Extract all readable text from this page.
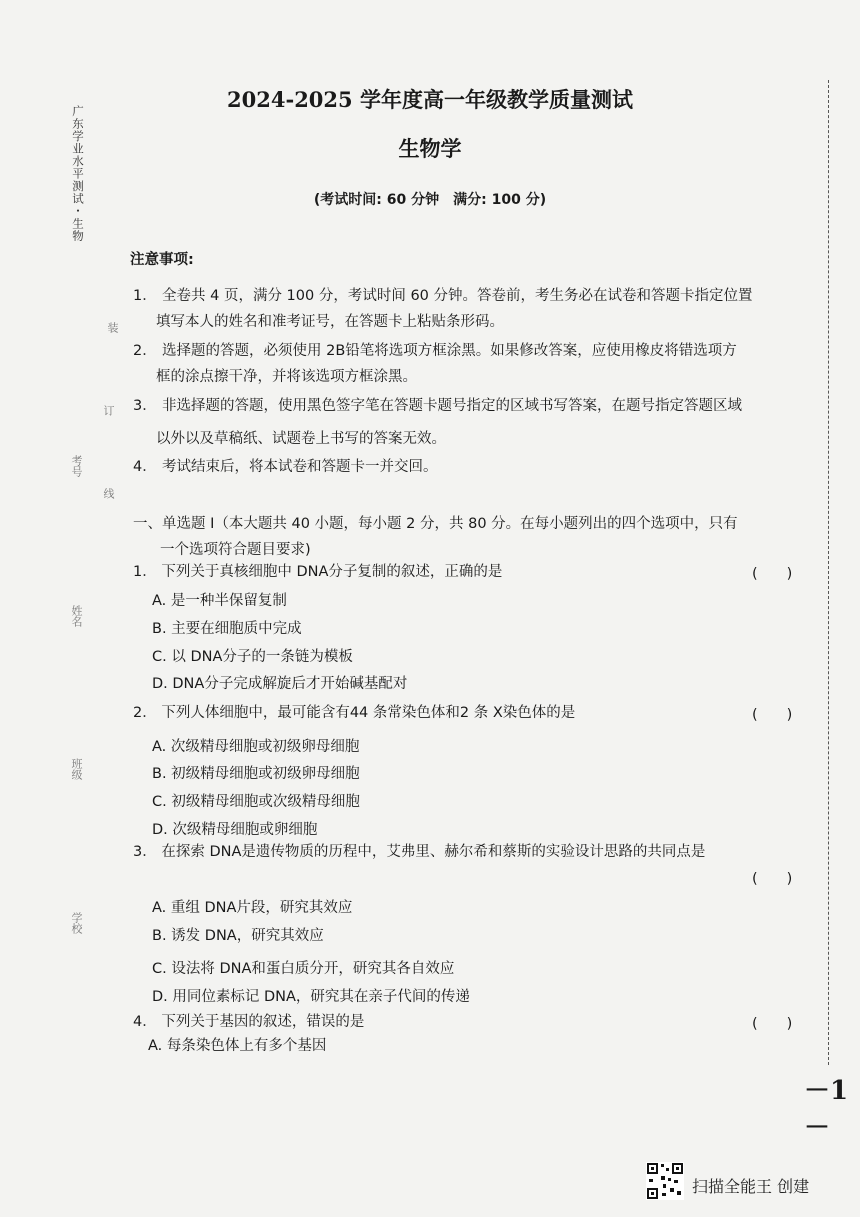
2024-2025 学年度高一年级教学质量测试
生物学
(考试时间: 60 分钟　满分: 100 分)
广东学业水平测试・生物
装
订
线
考号
姓名
班级
学校
注意事项:
1． 全卷共 4 页，满分 100 分，考试时间 60 分钟。答卷前，考生务必在试卷和答题卡指定位置
填写本人的姓名和准考证号，在答题卡上粘贴条形码。
2． 选择题的答题，必须使用 2B铅笔将选项方框涂黑。如果修改答案，应使用橡皮将错选项方
框的涂点擦干净，并将该选项方框涂黑。
3． 非选择题的答题，使用黑色签字笔在答题卡题号指定的区域书写答案，在题号指定答题区域
以外以及草稿纸、试题卷上书写的答案无效。
4． 考试结束后，将本试卷和答题卡一并交回。
一、单选题 I（本大题共 40 小题，每小题 2 分，共 80 分。在每小题列出的四个选项中，只有
一个选项符合题目要求)
1． 下列关于真核细胞中 DNA分子复制的叙述，正确的是	(　　)
A. 是一种半保留复制
B. 主要在细胞质中完成
C. 以 DNA分子的一条链为模板
D. DNA分子完成解旋后才开始碱基配对
2． 下列人体细胞中，最可能含有44 条常染色体和2 条 X染色体的是	(　　)
A. 次级精母细胞或初级卵母细胞
B. 初级精母细胞或初级卵母细胞
C. 初级精母细胞或次级精母细胞
D. 次级精母细胞或卵细胞
3． 在探索 DNA是遗传物质的历程中，艾弗里、赫尔希和蔡斯的实验设计思路的共同点是
(　　)
A. 重组 DNA片段，研究其效应
B. 诱发 DNA，研究其效应
C. 设法将 DNA和蛋白质分开，研究其各自效应
D. 用同位素标记 DNA，研究其在亲子代间的传递
4． 下列关于基因的叙述，错误的是	(　　)
A. 每条染色体上有多个基因
－1－
扫描全能王 创建
